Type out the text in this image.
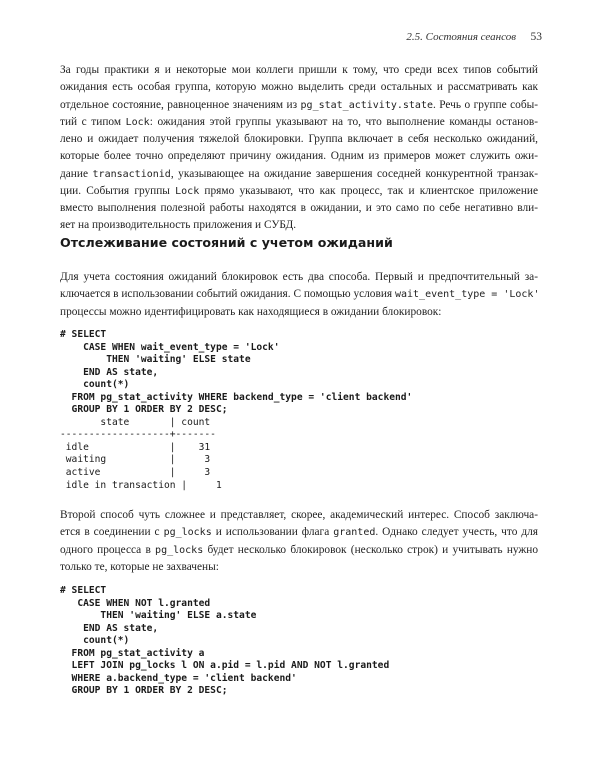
2.5. Состояния сеансов 53
За годы практики я и некоторые мои коллеги пришли к тому, что среди всех типов событий
ожидания есть особая группа, которую можно выделить среди остальных и рассматривать как
отдельное состояние, равноценное значениям из pg_stat_activity.state. Речь о группе собы-
тий с типом Lock: ожидания этой группы указывают на то, что выполнение команды останов-
лено и ожидает получения тяжелой блокировки. Группа включает в себя несколько ожиданий,
которые более точно определяют причину ожидания. Одним из примеров может служить ожи-
дание transactionid, указывающее на ожидание завершения соседней конкурентной транзак-
ции. События группы Lock прямо указывают, что как процесс, так и клиентское приложение
вместо выполнения полезной работы находятся в ожидании, и это само по себе негативно вли-
яет на производительность приложения и СУБД.
Отслеживание состояний с учетом ожиданий
Для учета состояния ожиданий блокировок есть два способа. Первый и предпочтительный за-
ключается в использовании событий ожидания. С помощью условия wait_event_type = 'Lock'
процессы можно идентифицировать как находящиеся в ожидании блокировок:
# SELECT
CASE WHEN wait_event_type = 'Lock'
THEN 'waiting' ELSE state
END AS state,
count(*)
FROM pg_stat_activity WHERE backend_type = 'client backend'
GROUP BY 1 ORDER BY 2 DESC;
state       | count
-------------------+-------
idle              |    31
waiting           |     3
active            |     3
idle in transaction |     1

Второй способ чуть сложнее и представляет, скорее, академический интерес. Способ заключа-
ется в соединении с pg_locks и использовании флага granted. Однако следует учесть, что для
одного процесса в pg_locks будет несколько блокировок (несколько строк) и учитывать нужно
только те, которые не захвачены:
# SELECT
CASE WHEN NOT l.granted
THEN 'waiting' ELSE a.state
END AS state,
count(*)
FROM pg_stat_activity a
LEFT JOIN pg_locks l ON a.pid = l.pid AND NOT l.granted
WHERE a.backend_type = 'client backend'
GROUP BY 1 ORDER BY 2 DESC;
